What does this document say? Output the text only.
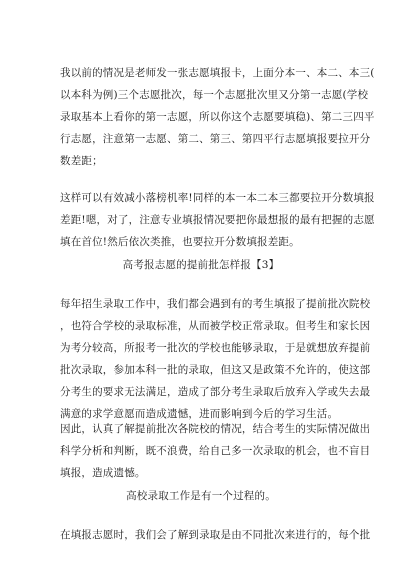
我以前的情况是老师发一张志愿填报卡，上面分本一、本二、本三(
以本科为例)三个志愿批次，每一个志愿批次里又分第一志愿(学校
录取基本上看你的第一志愿，所以你这个志愿要填稳)、第二三四平
行志愿，注意第一志愿、第二、第三、第四平行志愿填报要拉开分
数差距；
这样可以有效减小落榜机率!同样的本一本二本三都要拉开分数填报
差距!嗯，对了，注意专业填报情况要把你最想报的最有把握的志愿
填在首位!然后依次类推，也要拉开分数填报差距。
高考报志愿的提前批怎样报【3】
每年招生录取工作中，我们都会遇到有的考生填报了提前批次院校
，也符合学校的录取标准，从而被学校正常录取。但考生和家长因
为考分较高，所报考一批次的学校也能够录取，于是就想放弃提前
批次录取，参加本科一批的录取，但这又是政策不允许的，使这部
分考生的要求无法满足，造成了部分考生录取后放弃入学或失去最
满意的求学意愿而造成遗憾，进而影响到今后的学习生活。
因此，认真了解提前批次各院校的情况，结合考生的实际情况做出
科学分析和判断，既不浪费，给自己多一次录取的机会，也不盲目
填报，造成遗憾。
高校录取工作是有一个过程的。
在填报志愿时，我们会了解到录取是由不同批次来进行的，每个批
